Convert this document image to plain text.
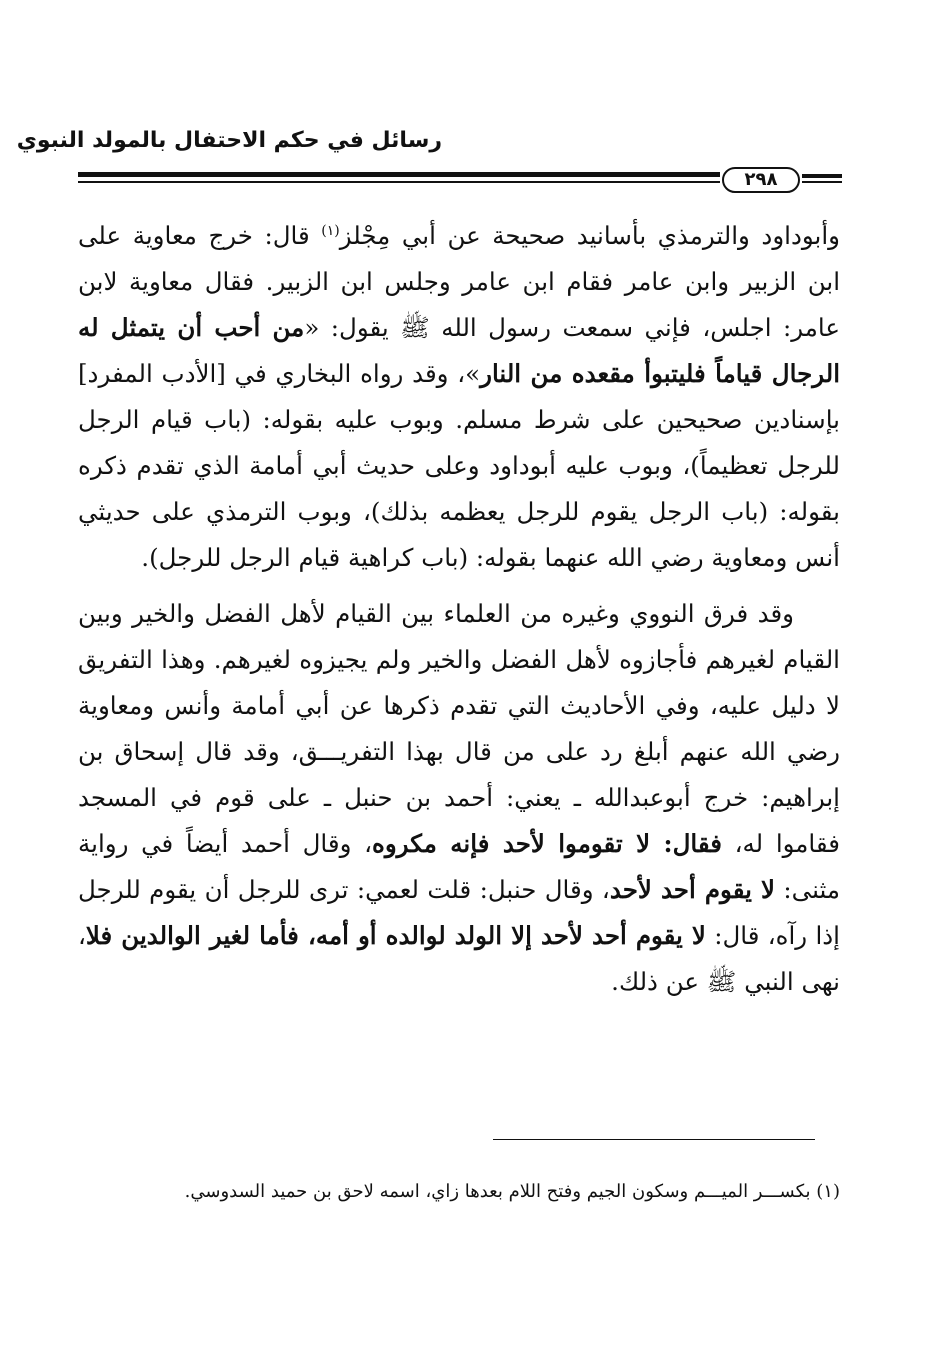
رسائل في حكم الاحتفال بالمولد النبوي
٢٩٨

وأبوداود والترمذي بأسانيد صحيحة عن أبي مِجْلز$^{(١)}$ قال: خرج معاوية على ابن الزبير وابن عامر فقام ابن عامر وجلس ابن الزبير. فقال معاوية لابن عامر: اجلس، فإني سمعت رسول الله ﷺ يقول: «من أحب أن يتمثل له الرجال قياماً فليتبوأ مقعده من النار»، وقد رواه البخاري في [الأدب المفرد] بإسنادين صحيحين على شرط مسلم. وبوب عليه بقوله: (باب قيام الرجل للرجل تعظيماً)، وبوب عليه أبوداود وعلى حديث أبي أمامة الذي تقدم ذكره بقوله: (باب الرجل يقوم للرجل يعظمه بذلك)، وبوب الترمذي على حديثي أنس ومعاوية رضي الله عنهما بقوله: (باب كراهية قيام الرجل للرجل).

وقد فرق النووي وغيره من العلماء بين القيام لأهل الفضل والخير وبين القيام لغيرهم فأجازوه لأهل الفضل والخير ولم يجيزوه لغيرهم. وهذا التفريق لا دليل عليه، وفي الأحاديث التي تقدم ذكرها عن أبي أمامة وأنس ومعاوية رضي الله عنهم أبلغ رد على من قال بهذا التفريـــق، وقد قال إسحاق بن إبراهيم: خرج أبوعبدالله ـ يعني: أحمد بن حنبل ـ على قوم في المسجد فقاموا له، فقال: لا تقوموا لأحد فإنه مكروه، وقال أحمد أيضاً في رواية مثنى: لا يقوم أحد لأحد، وقال حنبل: قلت لعمي: ترى للرجل أن يقوم للرجل إذا رآه، قال: لا يقوم أحد لأحد إلا الولد لوالده أو أمه، فأما لغير الوالدين فلا، نهى النبي ﷺ عن ذلك.

(١) بكســـر الميـــم وسكون الجيم وفتح اللام بعدها زاي، اسمه لاحق بن حميد السدوسي.
